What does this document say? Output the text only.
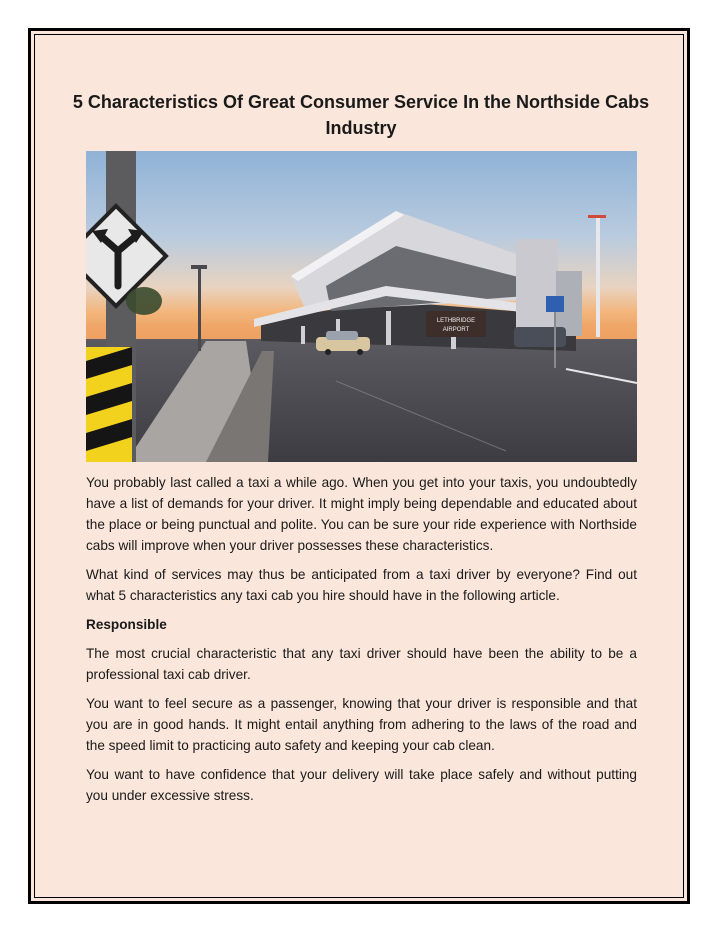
5 Characteristics Of Great Consumer Service In the Northside Cabs Industry
LETHBRIDGE
AIRPORT

You probably last called a taxi a while ago. When you get into your taxis, you undoubtedly have a list of demands for your driver. It might imply being dependable and educated about the place or being punctual and polite. You can be sure your ride experience with Northside cabs will improve when your driver possesses these characteristics.

What kind of services may thus be anticipated from a taxi driver by everyone? Find out what 5 characteristics any taxi cab you hire should have in the following article.

Responsible

The most crucial characteristic that any taxi driver should have been the ability to be a professional taxi cab driver.

You want to feel secure as a passenger, knowing that your driver is responsible and that you are in good hands. It might entail anything from adhering to the laws of the road and the speed limit to practicing auto safety and keeping your cab clean.

You want to have confidence that your delivery will take place safely and without putting you under excessive stress.
